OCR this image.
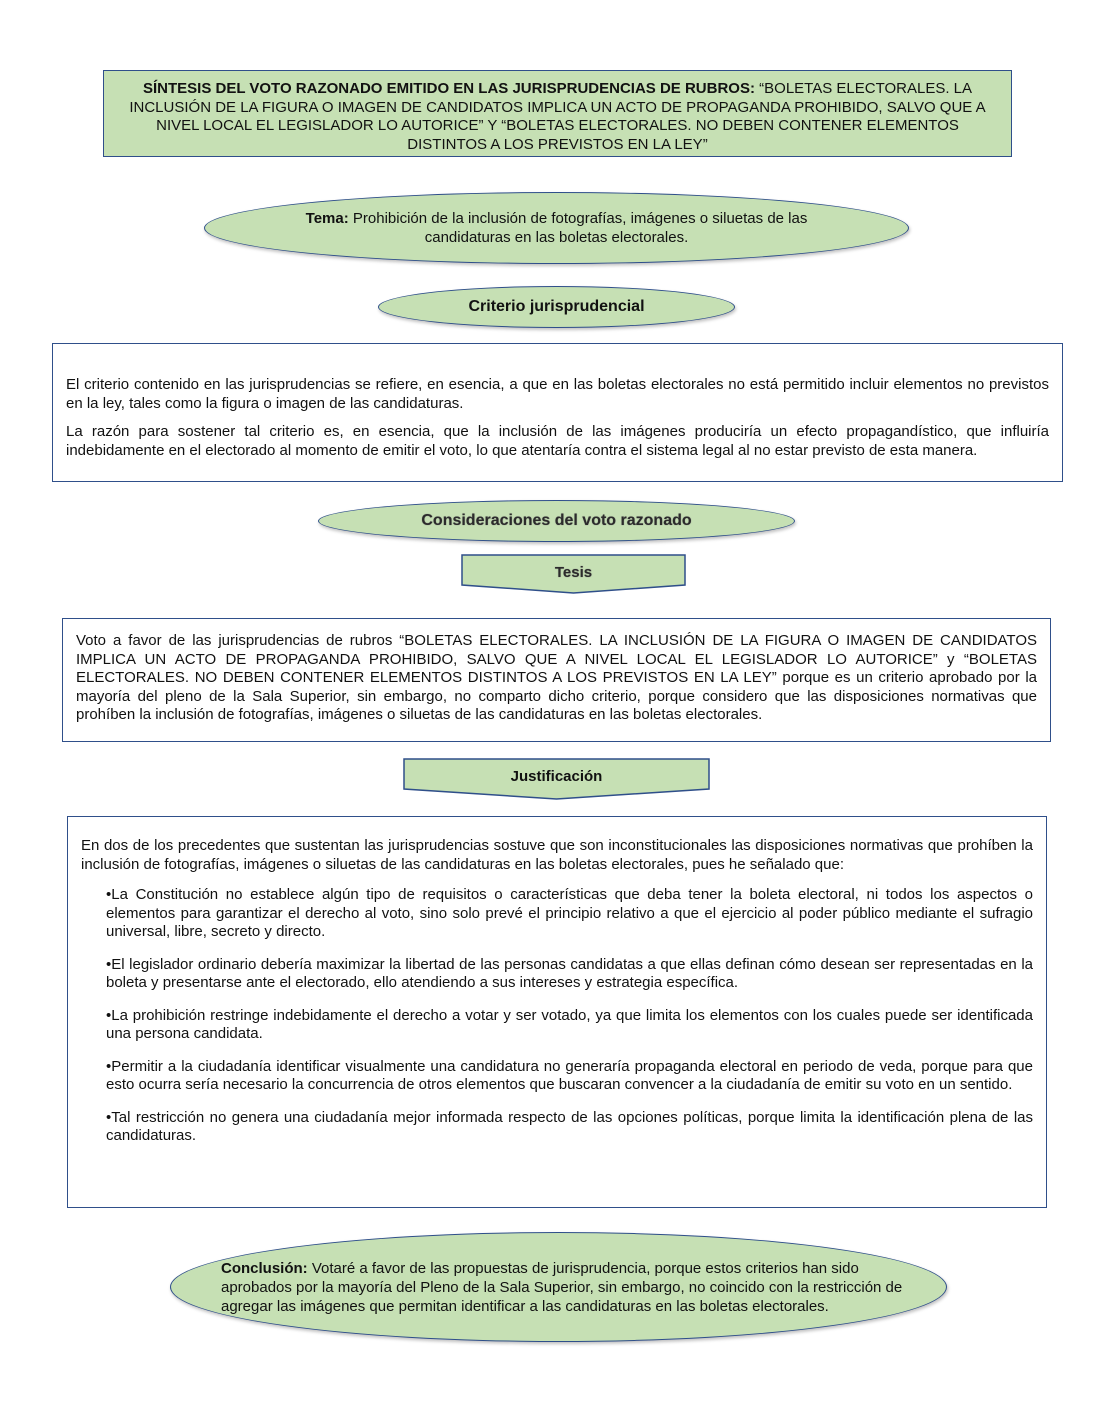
SÍNTESIS DEL VOTO RAZONADO EMITIDO EN LAS JURISPRUDENCIAS DE RUBROS: “BOLETAS ELECTORALES. LA INCLUSIÓN DE LA FIGURA O IMAGEN DE CANDIDATOS IMPLICA UN ACTO DE PROPAGANDA PROHIBIDO, SALVO QUE A NIVEL LOCAL EL LEGISLADOR LO AUTORICE” Y “BOLETAS ELECTORALES. NO DEBEN CONTENER ELEMENTOS DISTINTOS A LOS PREVISTOS EN LA LEY”
Tema: Prohibición de la inclusión de fotografías, imágenes o siluetas de las candidaturas en las boletas electorales.
Criterio jurisprudencial

El criterio contenido en las jurisprudencias se refiere, en esencia, a que en las boletas electorales no está permitido incluir elementos no previstos en la ley, tales como la figura o imagen de las candidaturas.

La razón para sostener tal criterio es, en esencia, que la inclusión de las imágenes produciría un efecto propagandístico, que influiría indebidamente en el electorado al momento de emitir el voto, lo que atentaría contra el sistema legal al no estar previsto de esta manera.

Consideraciones del voto razonado
Tesis

Voto a favor de las jurisprudencias de rubros “BOLETAS ELECTORALES. LA INCLUSIÓN DE LA FIGURA O IMAGEN DE CANDIDATOS IMPLICA UN ACTO DE PROPAGANDA PROHIBIDO, SALVO QUE A NIVEL LOCAL EL LEGISLADOR LO AUTORICE” y “BOLETAS ELECTORALES. NO DEBEN CONTENER ELEMENTOS DISTINTOS A LOS PREVISTOS EN LA LEY” porque es un criterio aprobado por la mayoría del pleno de la Sala Superior, sin embargo, no comparto dicho criterio, porque considero que las disposiciones normativas que prohíben la inclusión de fotografías, imágenes o siluetas de las candidaturas en las boletas electorales.

Justificación

En dos de los precedentes que sustentan las jurisprudencias sostuve que son inconstitucionales las disposiciones normativas que prohíben la inclusión de fotografías, imágenes o siluetas de las candidaturas en las boletas electorales, pues he señalado que:

•La Constitución no establece algún tipo de requisitos o características que deba tener la boleta electoral, ni todos los aspectos o elementos para garantizar el derecho al voto, sino solo prevé el principio relativo a que el ejercicio al poder público mediante el sufragio universal, libre, secreto y directo.

•El legislador ordinario debería maximizar la libertad de las personas candidatas a que ellas definan cómo desean ser representadas en la boleta y presentarse ante el electorado, ello atendiendo a sus intereses y estrategia específica.

•La prohibición restringe indebidamente el derecho a votar y ser votado, ya que limita los elementos con los cuales puede ser identificada una persona candidata.

•Permitir a la ciudadanía identificar visualmente una candidatura no generaría propaganda electoral en periodo de veda, porque para que esto ocurra sería necesario la concurrencia de otros elementos que buscaran convencer a la ciudadanía de emitir su voto en un sentido.

•Tal restricción no genera una ciudadanía mejor informada respecto de las opciones políticas, porque limita la identificación plena de las candidaturas.

Conclusión: Votaré a favor de las propuestas de jurisprudencia, porque estos criterios han sido aprobados por la mayoría del Pleno de la Sala Superior, sin embargo, no coincido con la restricción de agregar las imágenes que permitan identificar a las candidaturas en las boletas electorales.
